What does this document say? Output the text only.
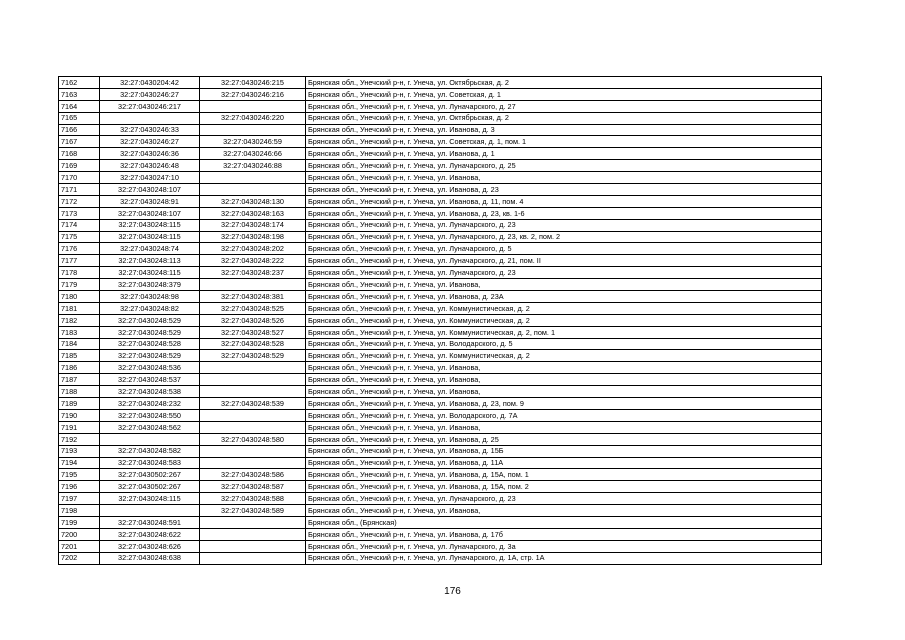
7162	32:27:0430204:42	32:27:0430246:215	Брянская обл., Унечский р-н, г. Унеча, ул. Октябрьская, д. 2
7163	32:27:0430246:27	32:27:0430246:216	Брянская обл., Унечский р-н, г. Унеча, ул. Советская, д. 1
7164	32:27:0430246:217		Брянская обл., Унечский р-н, г. Унеча, ул. Луначарского, д. 27
7165		32:27:0430246:220	Брянская обл., Унечский р-н, г. Унеча, ул. Октябрьская, д. 2
7166	32:27:0430246:33		Брянская обл., Унечский р-н, г. Унеча, ул. Иванова, д. 3
7167	32:27:0430246:27	32:27:0430246:59	Брянская обл., Унечский р-н, г. Унеча, ул. Советская, д. 1, пом. 1
7168	32:27:0430246:36	32:27:0430246:66	Брянская обл., Унечский р-н, г. Унеча, ул. Иванова, д. 1
7169	32:27:0430246:48	32:27:0430246:88	Брянская обл., Унечский р-н, г. Унеча, ул. Луначарского, д. 25
7170	32:27:0430247:10		Брянская обл., Унечский р-н, г. Унеча, ул. Иванова,
7171	32:27:0430248:107		Брянская обл., Унечский р-н, г. Унеча, ул. Иванова, д. 23
7172	32:27:0430248:91	32:27:0430248:130	Брянская обл., Унечский р-н, г. Унеча, ул. Иванова, д. 11, пом. 4
7173	32:27:0430248:107	32:27:0430248:163	Брянская обл., Унечский р-н, г. Унеча, ул. Иванова, д. 23, кв. 1-6
7174	32:27:0430248:115	32:27:0430248:174	Брянская обл., Унечский р-н, г. Унеча, ул. Луначарского, д. 23
7175	32:27:0430248:115	32:27:0430248:198	Брянская обл., Унечский р-н, г. Унеча, ул. Луначарского, д. 23, кв. 2, пом. 2
7176	32:27:0430248:74	32:27:0430248:202	Брянская обл., Унечский р-н, г. Унеча, ул. Луначарского, д. 5
7177	32:27:0430248:113	32:27:0430248:222	Брянская обл., Унечский р-н, г. Унеча, ул. Луначарского, д. 21, пом. II
7178	32:27:0430248:115	32:27:0430248:237	Брянская обл., Унечский р-н, г. Унеча, ул. Луначарского, д. 23
7179	32:27:0430248:379		Брянская обл., Унечский р-н, г. Унеча, ул. Иванова,
7180	32:27:0430248:98	32:27:0430248:381	Брянская обл., Унечский р-н, г. Унеча, ул. Иванова, д. 23А
7181	32:27:0430248:82	32:27:0430248:525	Брянская обл., Унечский р-н, г. Унеча, ул. Коммунистическая, д. 2
7182	32:27:0430248:529	32:27:0430248:526	Брянская обл., Унечский р-н, г. Унеча, ул. Коммунистическая, д. 2
7183	32:27:0430248:529	32:27:0430248:527	Брянская обл., Унечский р-н, г. Унеча, ул. Коммунистическая, д. 2, пом. 1
7184	32:27:0430248:528	32:27:0430248:528	Брянская обл., Унечский р-н, г. Унеча, ул. Володарского, д. 5
7185	32:27:0430248:529	32:27:0430248:529	Брянская обл., Унечский р-н, г. Унеча, ул. Коммунистическая, д. 2
7186	32:27:0430248:536		Брянская обл., Унечский р-н, г. Унеча, ул. Иванова,
7187	32:27:0430248:537		Брянская обл., Унечский р-н, г. Унеча, ул. Иванова,
7188	32:27:0430248:538		Брянская обл., Унечский р-н, г. Унеча, ул. Иванова,
7189	32:27:0430248:232	32:27:0430248:539	Брянская обл., Унечский р-н, г. Унеча, ул. Иванова, д. 23, пом. 9
7190	32:27:0430248:550		Брянская обл., Унечский р-н, г. Унеча, ул. Володарского, д. 7А
7191	32:27:0430248:562		Брянская обл., Унечский р-н, г. Унеча, ул. Иванова,
7192		32:27:0430248:580	Брянская обл., Унечский р-н, г. Унеча, ул. Иванова, д. 25
7193	32:27:0430248:582		Брянская обл., Унечский р-н, г. Унеча, ул. Иванова, д. 15Б
7194	32:27:0430248:583		Брянская обл., Унечский р-н, г. Унеча, ул. Иванова, д. 11А
7195	32:27:0430502:267	32:27:0430248:586	Брянская обл., Унечский р-н, г. Унеча, ул. Иванова, д. 15А, пом. 1
7196	32:27:0430502:267	32:27:0430248:587	Брянская обл., Унечский р-н, г. Унеча, ул. Иванова, д. 15А, пом. 2
7197	32:27:0430248:115	32:27:0430248:588	Брянская обл., Унечский р-н, г. Унеча, ул. Луначарского, д. 23
7198		32:27:0430248:589	Брянская обл., Унечский р-н, г. Унеча, ул. Иванова,
7199	32:27:0430248:591		Брянская обл., (Брянская)
7200	32:27:0430248:622		Брянская обл., Унечский р-н, г. Унеча, ул. Иванова, д. 17б
7201	32:27:0430248:626		Брянская обл., Унечский р-н, г. Унеча, ул. Луначарского, д. 3а
7202	32:27:0430248:638		Брянская обл., Унечский р-н, г. Унеча, ул. Луначарского, д. 1А, стр. 1А
176
